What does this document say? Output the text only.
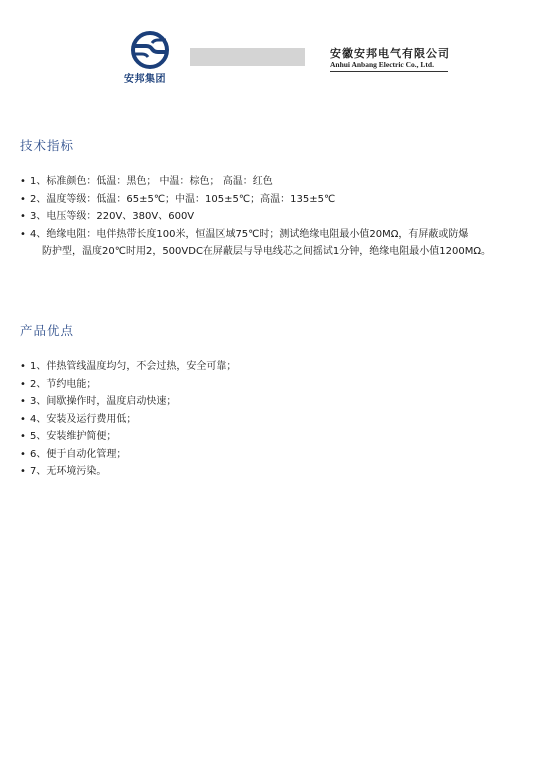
安邦集团
安徽安邦电气有限公司
Anhui Anbang Electric Co., Ltd.
技术指标
• 1、标准颜色：低温：黑色； 中温：棕色； 高温：红色
• 2、温度等级：低温：65±5℃；中温：105±5℃；高温：135±5℃
• 3、电压等级：220V、380V、600V
• 4、绝缘电阻：电伴热带长度100米，恒温区域75℃时；测试绝缘电阻最小值20MΩ，有屏蔽或防爆
防护型，温度20℃时用2，500VDC在屏蔽层与导电线芯之间摇试1分钟，绝缘电阻最小值1200MΩ。
产品优点
• 1、伴热管线温度均匀，不会过热，安全可靠；
• 2、节约电能；
• 3、间歇操作时，温度启动快速；
• 4、安装及运行费用低；
• 5、安装维护简便；
• 6、便于自动化管理；
• 7、无环境污染。
